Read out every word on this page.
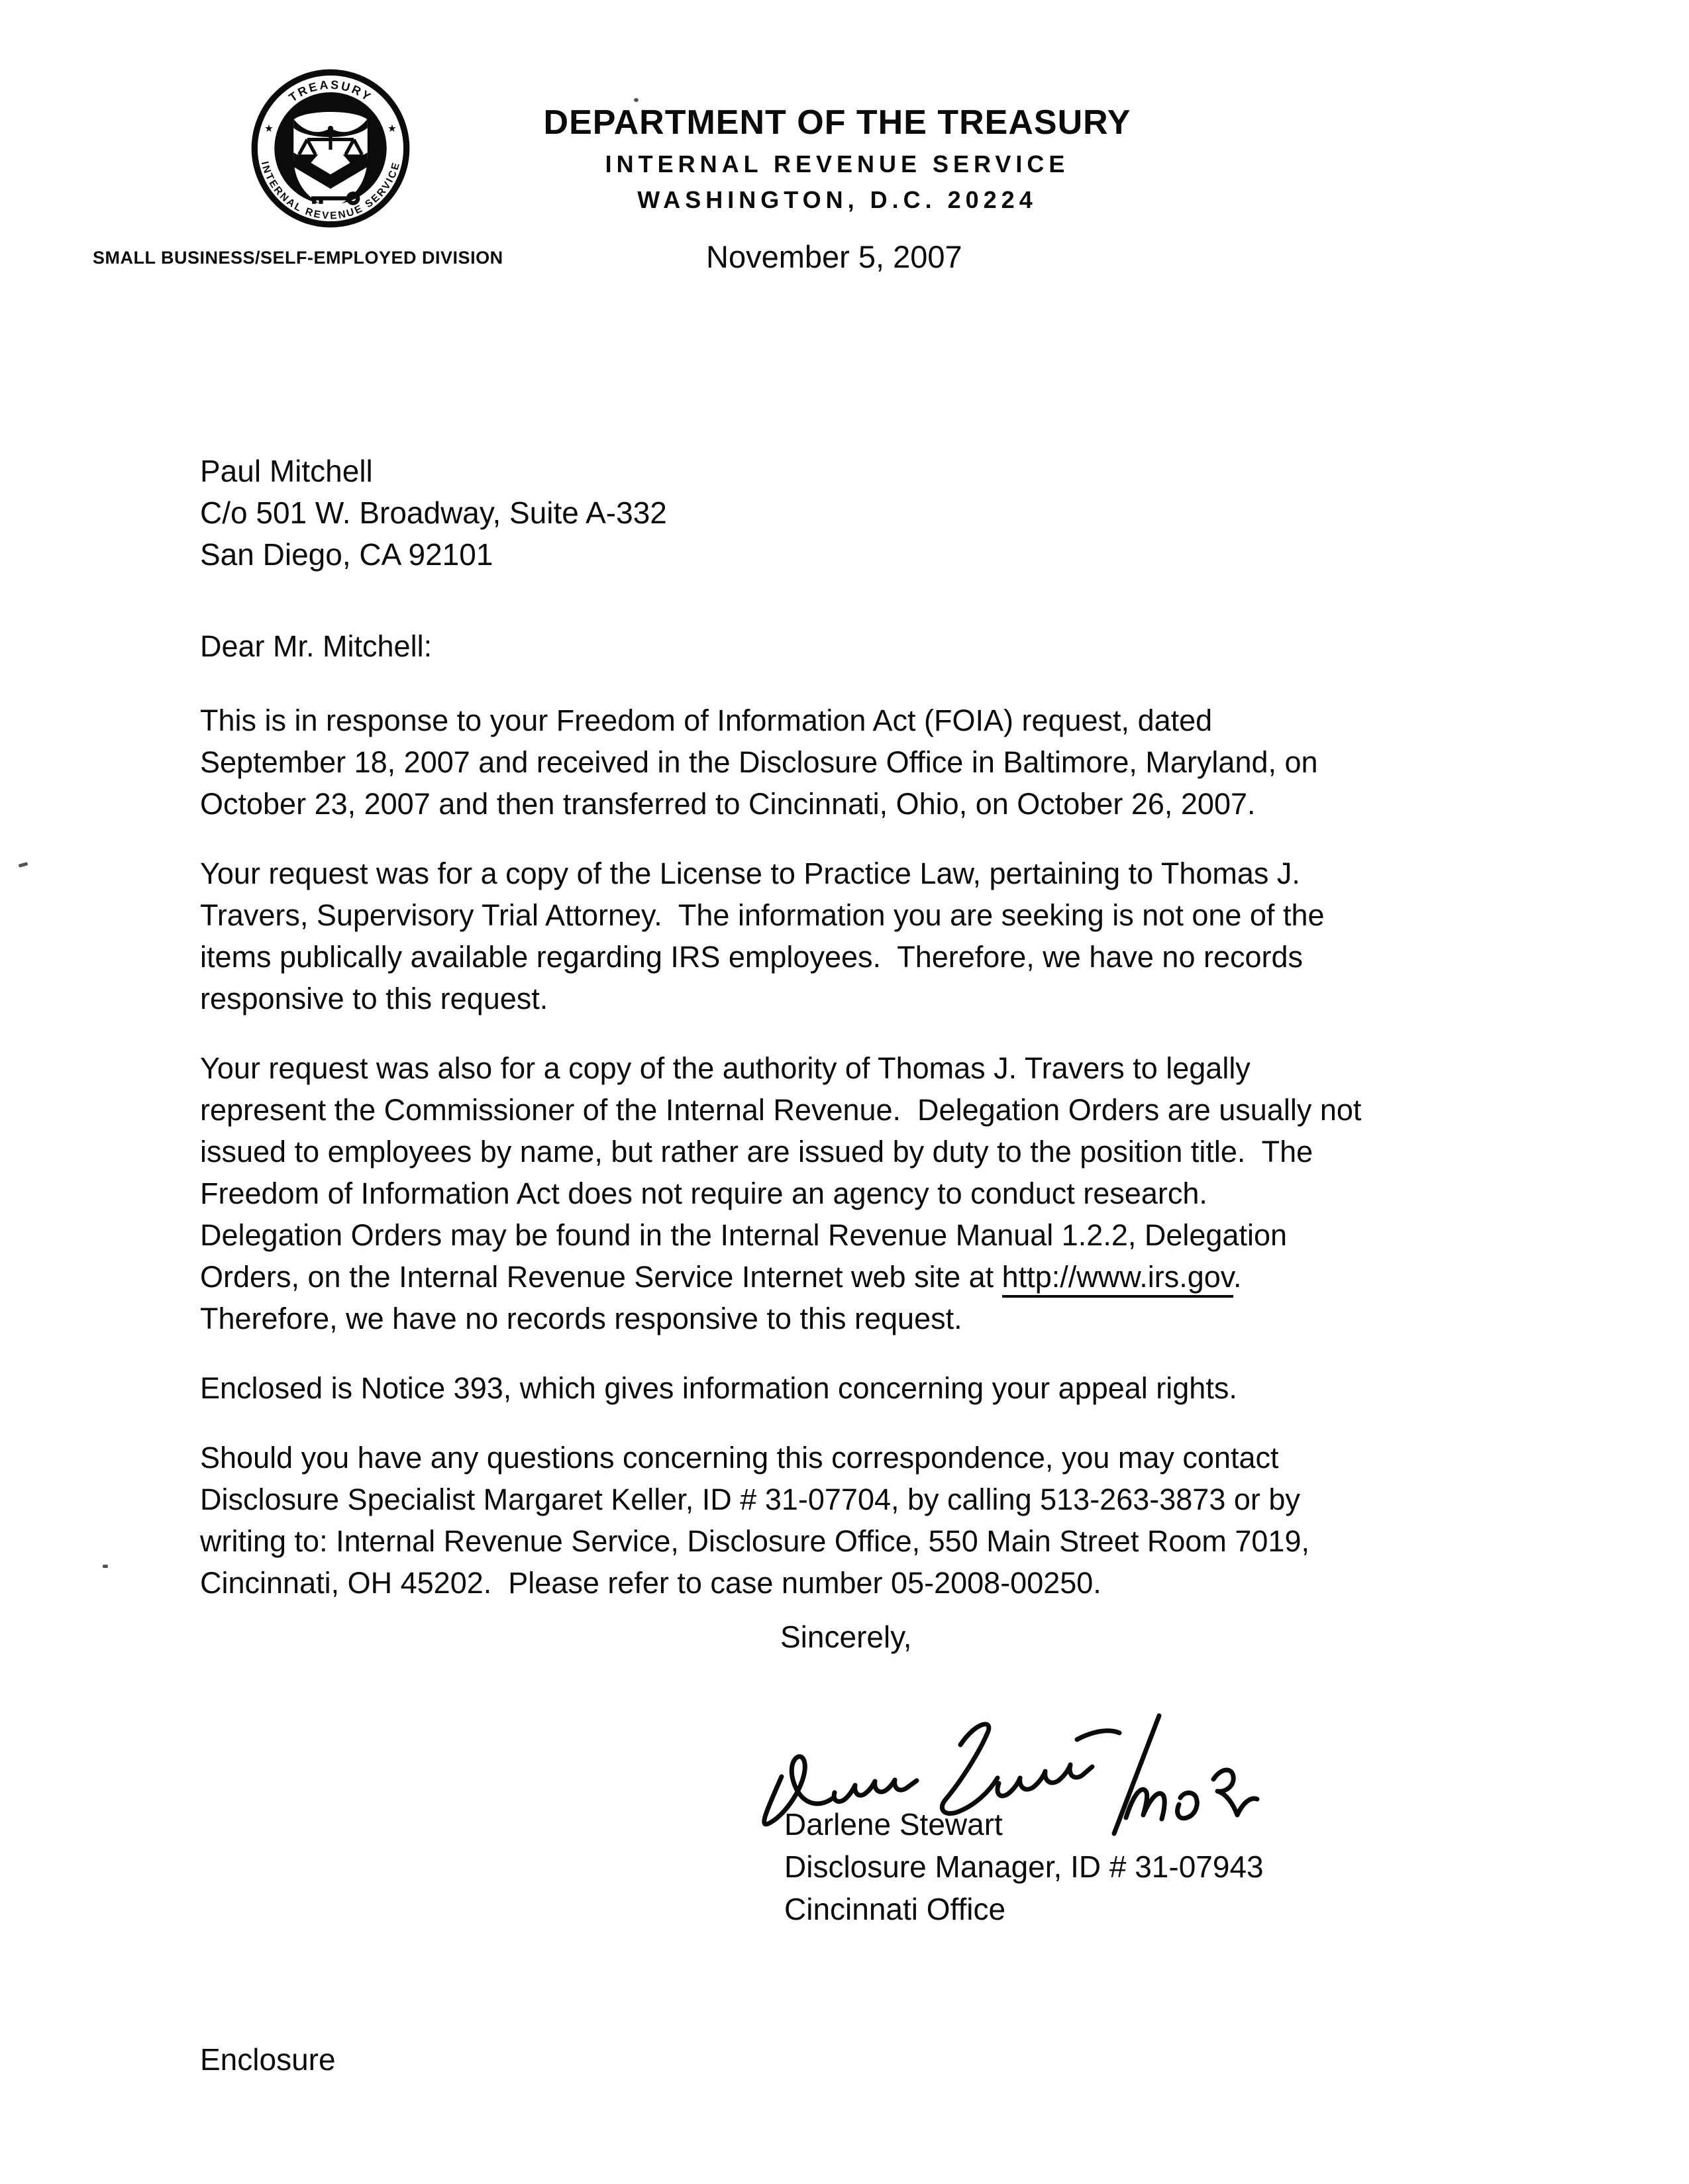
TREASURY
INTERNAL REVENUE SERVICE
★	★	DEPARTMENT OF THE TREASURY
INTERNAL REVENUE SERVICE
WASHINGTON, D.C. 20224
SMALL BUSINESS/SELF-EMPLOYED DIVISION	November 5, 2007
Paul Mitchell
C/o 501 W. Broadway, Suite A-332
San Diego, CA 92101
Dear Mr. Mitchell:
This is in response to your Freedom of Information Act (FOIA) request, dated
September 18, 2007 and received in the Disclosure Office in Baltimore, Maryland, on
October 23, 2007 and then transferred to Cincinnati, Ohio, on October 26, 2007.
Your request was for a copy of the License to Practice Law, pertaining to Thomas J.
Travers, Supervisory Trial Attorney.  The information you are seeking is not one of the
items publically available regarding IRS employees.  Therefore, we have no records
responsive to this request.
Your request was also for a copy of the authority of Thomas J. Travers to legally
represent the Commissioner of the Internal Revenue.  Delegation Orders are usually not
issued to employees by name, but rather are issued by duty to the position title.  The
Freedom of Information Act does not require an agency to conduct research.
Delegation Orders may be found in the Internal Revenue Manual 1.2.2, Delegation
Orders, on the Internal Revenue Service Internet web site at http://www.irs.gov.
Therefore, we have no records responsive to this request.
Enclosed is Notice 393, which gives information concerning your appeal rights.
Should you have any questions concerning this correspondence, you may contact
Disclosure Specialist Margaret Keller, ID # 31-07704, by calling 513-263-3873 or by
writing to: Internal Revenue Service, Disclosure Office, 550 Main Street Room 7019,
Cincinnati, OH 45202.  Please refer to case number 05-2008-00250.
Sincerely,
Darlene Stewart
Disclosure Manager, ID # 31-07943
Cincinnati Office
Enclosure
